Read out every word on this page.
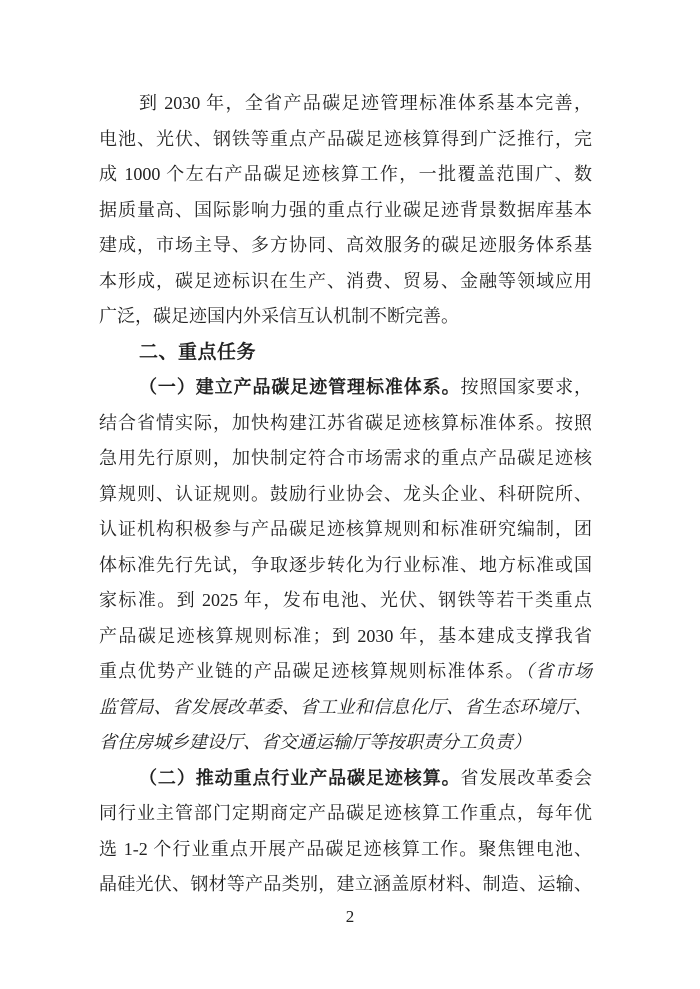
到 2030 年，全省产品碳足迹管理标准体系基本完善，
电池、光伏、钢铁等重点产品碳足迹核算得到广泛推行，完
成 1000 个左右产品碳足迹核算工作，一批覆盖范围广、数
据质量高、国际影响力强的重点行业碳足迹背景数据库基本
建成，市场主导、多方协同、高效服务的碳足迹服务体系基
本形成，碳足迹标识在生产、消费、贸易、金融等领域应用
广泛，碳足迹国内外采信互认机制不断完善。
二、重点任务
（一）建立产品碳足迹管理标准体系。按照国家要求，
结合省情实际，加快构建江苏省碳足迹核算标准体系。按照
急用先行原则，加快制定符合市场需求的重点产品碳足迹核
算规则、认证规则。鼓励行业协会、龙头企业、科研院所、
认证机构积极参与产品碳足迹核算规则和标准研究编制，团
体标准先行先试，争取逐步转化为行业标准、地方标准或国
家标准。到 2025 年，发布电池、光伏、钢铁等若干类重点
产品碳足迹核算规则标准；到 2030 年，基本建成支撑我省
重点优势产业链的产品碳足迹核算规则标准体系。（省市场
监管局、省发展改革委、省工业和信息化厅、省生态环境厅、
省住房城乡建设厅、省交通运输厅等按职责分工负责）
（二）推动重点行业产品碳足迹核算。省发展改革委会
同行业主管部门定期商定产品碳足迹核算工作重点，每年优
选 1-2 个行业重点开展产品碳足迹核算工作。聚焦锂电池、
晶硅光伏、钢材等产品类别，建立涵盖原材料、制造、运输、
2
